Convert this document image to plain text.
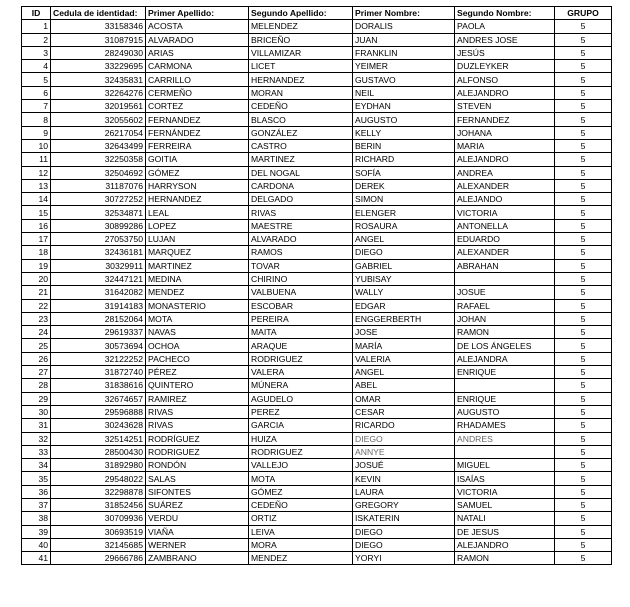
ID	Cedula de identidad:	Primer Apellido:	Segundo Apellido:	Primer Nombre:	Segundo Nombre:	GRUPO
1	33158346	ACOSTA	MELENDEZ	DORALIS	PAOLA	5
2	31087915	ALVARADO	BRICEÑO	JUAN	ANDRES JOSE	5
3	28249030	ARIAS	VILLAMIZAR	FRANKLIN	JESÚS	5
4	33229695	CARMONA	LICET	YEIMER	DUZLEYKER	5
5	32435831	CARRILLO	HERNANDEZ	GUSTAVO	ALFONSO	5
6	32264276	CERMEÑO	MORAN	NEIL	ALEJANDRO	5
7	32019561	CORTEZ	CEDEÑO	EYDHAN	STEVEN	5
8	32055602	FERNANDEZ	BLASCO	AUGUSTO	FERNANDEZ	5
9	26217054	FERNÁNDEZ	GONZÁLEZ	KELLY	JOHANA	5
10	32643499	FERREIRA	CASTRO	BERIN	MARIA	5
11	32250358	GOITIA	MARTINEZ	RICHARD	ALEJANDRO	5
12	32504692	GÓMEZ	DEL NOGAL	SOFÍA	ANDREA	5
13	31187076	HARRYSON	CARDONA	DEREK	ALEXANDER	5
14	30727252	HERNANDEZ	DELGADO	SIMON	ALEJANDO	5
15	32534871	LEAL	RIVAS	ELENGER	VICTORIA	5
16	30899286	LOPEZ	MAESTRE	ROSAURA	ANTONELLA	5
17	27053750	LUJAN	ALVARADO	ANGEL	EDUARDO	5
18	32436181	MARQUEZ	RAMOS	DIEGO	ALEXANDER	5
19	30329911	MARTINEZ	TOVAR	GABRIEL	ABRAHAN	5
20	32447121	MEDINA	CHIRINO	YUBISAY		5
21	31642082	MENDEZ	VALBUENA	WALLY	JOSUE	5
22	31914183	MONASTERIO	ESCOBAR	EDGAR	RAFAEL	5
23	28152064	MOTA	PEREIRA	ENGGERBERTH	JOHAN	5
24	29619337	NAVAS	MAITA	JOSE	RAMON	5
25	30573694	OCHOA	ARAQUE	MARÍA	DE LOS ÁNGELES	5
26	32122252	PACHECO	RODRIGUEZ	VALERIA	ALEJANDRA	5
27	31872740	PÉREZ	VALERA	ANGEL	ENRIQUE	5
28	31838616	QUINTERO	MÚNERA	ABEL		5
29	32674657	RAMIREZ	AGUDELO	OMAR	ENRIQUE	5
30	29596888	RIVAS	PEREZ	CESAR	AUGUSTO	5
31	30243628	RIVAS	GARCIA	RICARDO	RHADAMES	5
32	32514251	RODRÍGUEZ	HUIZA	DIEGO	ANDRES	5
33	28500430	RODRIGUEZ	RODRIGUEZ	ANNYE		5
34	31892980	RONDÓN	VALLEJO	JOSUÉ	MIGUEL	5
35	29548022	SALAS	MOTA	KEVIN	ISAÍAS	5
36	32298878	SIFONTES	GÓMEZ	LAURA	VICTORIA	5
37	31852456	SUÁREZ	CEDEÑO	GREGORY	SAMUEL	5
38	30709936	VERDU	ORTIZ	ISKATERIN	NATALI	5
39	30693519	VIAÑA	LEIVA	DIEGO	DE JESUS	5
40	32145685	WERNER	MORA	DIEGO	ALEJANDRO	5
41	29666786	ZAMBRANO	MENDEZ	YORYI	RAMON	5
